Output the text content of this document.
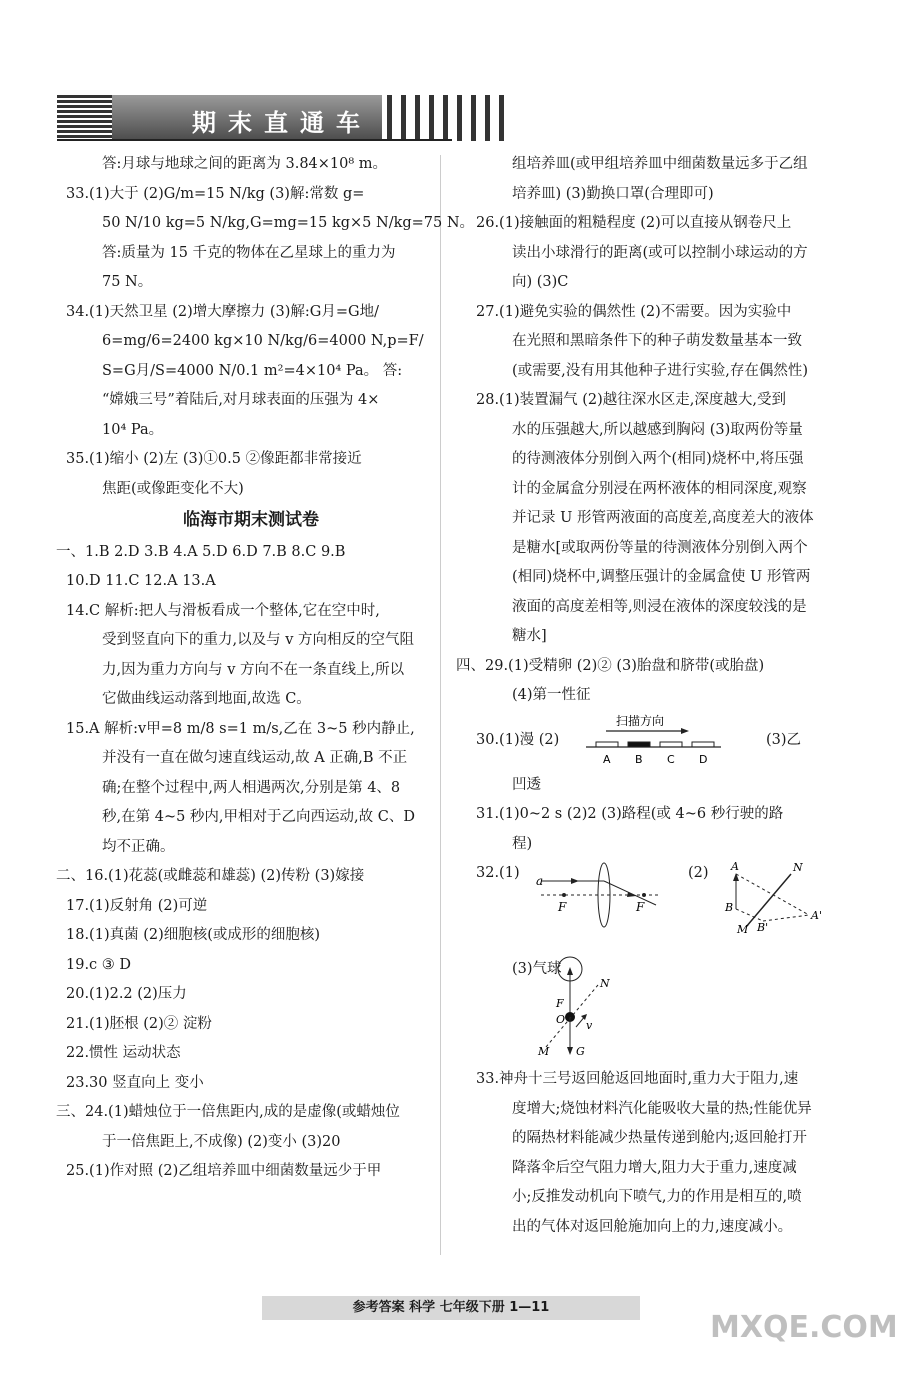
期末直通车
答:月球与地球之间的距离为 3.84×10⁸ m。
33.(1)大于 (2)G/m=15 N/kg (3)解:常数 g=
50 N/10 kg=5 N/kg,G=mg=15 kg×5 N/kg=75 N。
答:质量为 15 千克的物体在乙星球上的重力为
75 N。
34.(1)天然卫星 (2)增大摩擦力 (3)解:G月=G地/
6=mg/6=2400 kg×10 N/kg/6=4000 N,p=F/
S=G月/S=4000 N/0.1 m²=4×10⁴ Pa。 答:
“嫦娥三号”着陆后,对月球表面的压强为 4×
10⁴ Pa。
35.(1)缩小 (2)左 (3)①0.5 ②像距都非常接近
焦距(或像距变化不大)
临海市期末测试卷
一、1.B 2.D 3.B 4.A 5.D 6.D 7.B 8.C 9.B
10.D 11.C 12.A 13.A
14.C 解析:把人与滑板看成一个整体,它在空中时,
受到竖直向下的重力,以及与 v 方向相反的空气阻
力,因为重力方向与 v 方向不在一条直线上,所以
它做曲线运动落到地面,故选 C。
15.A 解析:v甲=8 m/8 s=1 m/s,乙在 3~5 秒内静止,
并没有一直在做匀速直线运动,故 A 正确,B 不正
确;在整个过程中,两人相遇两次,分别是第 4、8
秒,在第 4~5 秒内,甲相对于乙向西运动,故 C、D
均不正确。
二、16.(1)花蕊(或雌蕊和雄蕊) (2)传粉 (3)嫁接
17.(1)反射角 (2)可逆
18.(1)真菌 (2)细胞核(或成形的细胞核)
19.c ③ D
20.(1)2.2 (2)压力
21.(1)胚根 (2)② 淀粉
22.惯性 运动状态
23.30 竖直向上 变小
三、24.(1)蜡烛位于一倍焦距内,成的是虚像(或蜡烛位
于一倍焦距上,不成像) (2)变小 (3)20
25.(1)作对照 (2)乙组培养皿中细菌数量远少于甲
组培养皿(或甲组培养皿中细菌数量远多于乙组
培养皿) (3)勤换口罩(合理即可)
26.(1)接触面的粗糙程度 (2)可以直接从钢卷尺上
读出小球滑行的距离(或可以控制小球运动的方
向) (3)C
27.(1)避免实验的偶然性 (2)不需要。因为实验中
在光照和黑暗条件下的种子萌发数量基本一致
(或需要,没有用其他种子进行实验,存在偶然性)
28.(1)装置漏气 (2)越往深水区走,深度越大,受到
水的压强越大,所以越感到胸闷 (3)取两份等量
的待测液体分别倒入两个(相同)烧杯中,将压强
计的金属盒分别浸在两杯液体的相同深度,观察
并记录 U 形管两液面的高度差,高度差大的液体
是糖水[或取两份等量的待测液体分别倒入两个
(相同)烧杯中,调整压强计的金属盒使 U 形管两
液面的高度差相等,则浸在液体的深度较浅的是
糖水]
四、29.(1)受精卵 (2)② (3)胎盘和脐带(或胎盘)
(4)第一性征
30.(1)漫 (2)
扫描方向
A B C D
(3)乙
凹透
31.(1)0~2 s (2)2 (3)路程(或 4~6 秒行驶的路
程)
32.(1) a
F	F
(2) A	N
B
B'
A'
M
(3)气球
F
N
O v
M G
33.神舟十三号返回舱返回地面时,重力大于阻力,速
度增大;烧蚀材料汽化能吸收大量的热;性能优异
的隔热材料能减少热量传递到舱内;返回舱打开
降落伞后空气阻力增大,阻力大于重力,速度减
小;反推发动机向下喷气,力的作用是相互的,喷
出的气体对返回舱施加向上的力,速度减小。
参考答案 科学 七年级下册 1—11
MXQE.COM
